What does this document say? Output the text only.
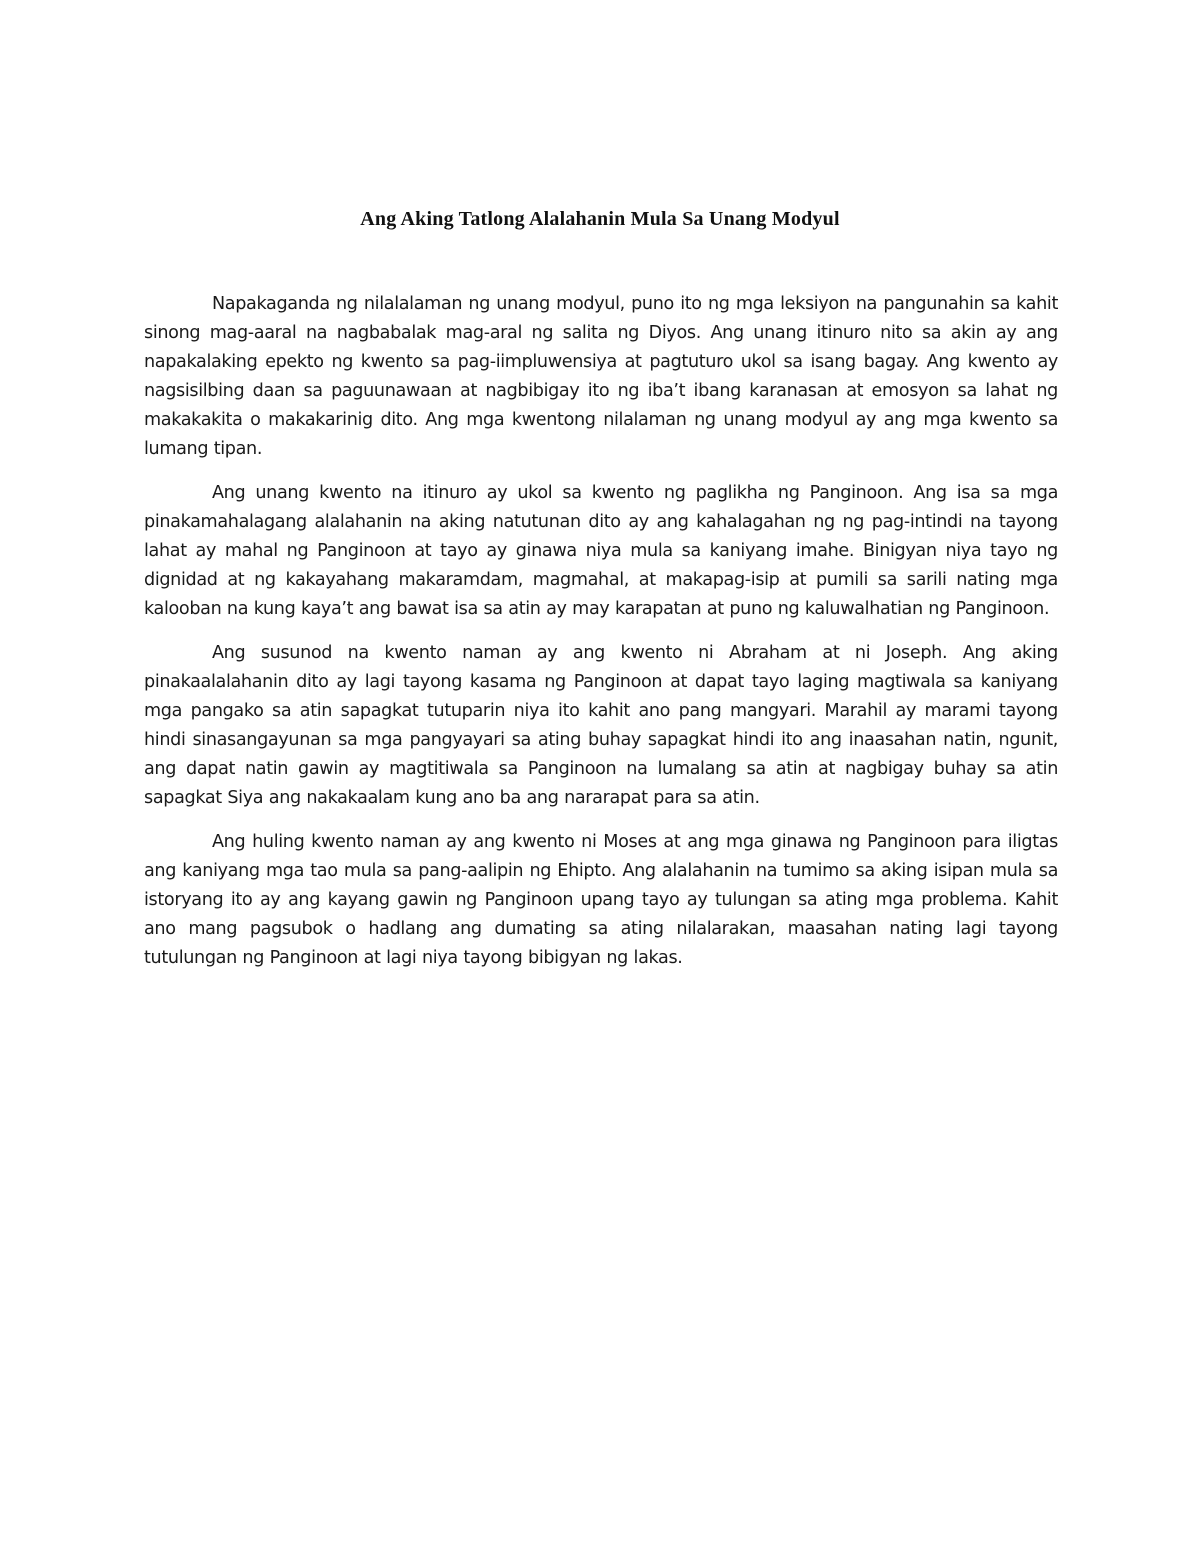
Ang Aking Tatlong Alalahanin Mula Sa Unang Modyul

Napakaganda ng nilalalaman ng unang modyul, puno ito ng mga leksiyon na pangunahin sa kahit sinong mag-aaral na nagbabalak mag-aral ng salita ng Diyos. Ang unang itinuro nito sa akin ay ang napakalaking epekto ng kwento sa pag-iimpluwensiya at pagtuturo ukol sa isang bagay. Ang kwento ay nagsisilbing daan sa paguunawaan at nagbibigay ito ng iba’t ibang karanasan at emosyon sa lahat ng makakakita o makakarinig dito. Ang mga kwentong nilalaman ng unang modyul ay ang mga kwento sa lumang tipan.

Ang unang kwento na itinuro ay ukol sa kwento ng paglikha ng Panginoon. Ang isa sa mga pinakamahalagang alalahanin na aking natutunan dito ay ang kahalagahan ng ng pag-intindi na tayong lahat ay mahal ng Panginoon at tayo ay ginawa niya mula sa kaniyang imahe. Binigyan niya tayo ng dignidad at ng kakayahang makaramdam, magmahal, at makapag-isip at pumili sa sarili nating mga kalooban na kung kaya’t ang bawat isa sa atin ay may karapatan at puno ng kaluwalhatian ng Panginoon.

Ang susunod na kwento naman ay ang kwento ni Abraham at ni Joseph. Ang aking pinakaalalahanin dito ay lagi tayong kasama ng Panginoon at dapat tayo laging magtiwala sa kaniyang mga pangako sa atin sapagkat tutuparin niya ito kahit ano pang mangyari. Marahil ay marami tayong hindi sinasangayunan sa mga pangyayari sa ating buhay sapagkat hindi ito ang inaasahan natin, ngunit, ang dapat natin gawin ay magtitiwala sa Panginoon na lumalang sa atin at nagbigay buhay sa atin sapagkat Siya ang nakakaalam kung ano ba ang nararapat para sa atin.

Ang huling kwento naman ay ang kwento ni Moses at ang mga ginawa ng Panginoon para iligtas ang kaniyang mga tao mula sa pang-aalipin ng Ehipto. Ang alalahanin na tumimo sa aking isipan mula sa istoryang ito ay ang kayang gawin ng Panginoon upang tayo ay tulungan sa ating mga problema. Kahit ano mang pagsubok o hadlang ang dumating sa ating nilalarakan, maasahan nating lagi tayong tutulungan ng Panginoon at lagi niya tayong bibigyan ng lakas.
